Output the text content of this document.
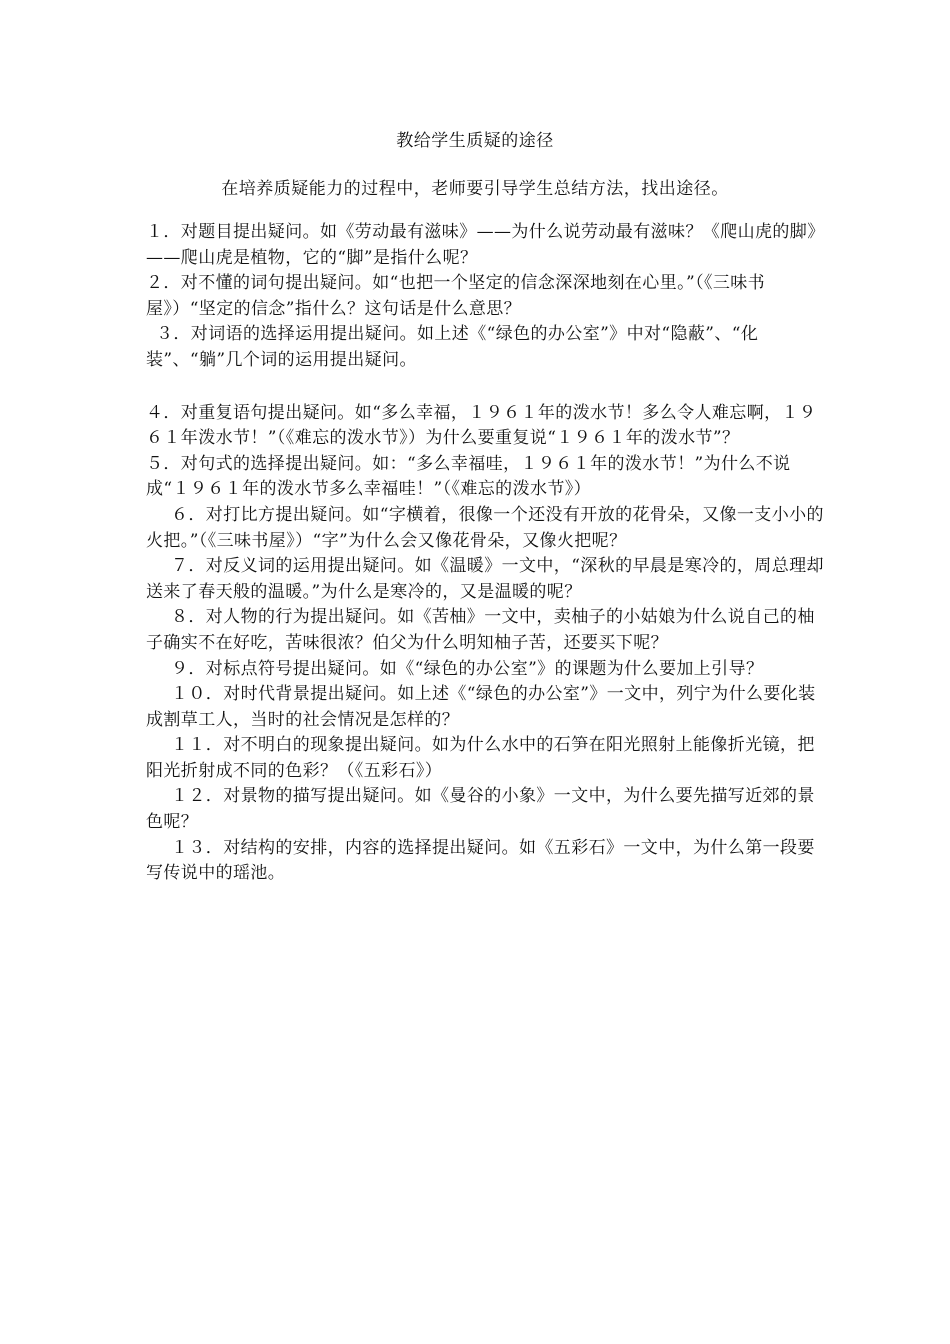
教给学生质疑的途径
在培养质疑能力的过程中，老师要引导学生总结方法，找出途径。

１．对题目提出疑问。如《劳动最有滋味》——为什么说劳动最有滋味？《爬山虎的脚》——爬山虎是植物，它的“脚”是指什么呢？

２．对不懂的词句提出疑问。如“也把一个坚定的信念深深地刻在心里。”（《三味书屋》）“坚定的信念”指什么？这句话是什么意思？

３．对词语的选择运用提出疑问。如上述《“绿色的办公室”》中对“隐蔽”、“化装”、“躺”几个词的运用提出疑问。

４．对重复语句提出疑问。如“多么幸福，１９６１年的泼水节！多么令人难忘啊，１９６１年泼水节！”（《难忘的泼水节》）为什么要重复说“１９６１年的泼水节”？

５．对句式的选择提出疑问。如：“多么幸福哇，１９６１年的泼水节！”为什么不说成“１９６１年的泼水节多么幸福哇！”（《难忘的泼水节》）

６．对打比方提出疑问。如“字横着，很像一个还没有开放的花骨朵，又像一支小小的火把。”（《三味书屋》）“字”为什么会又像花骨朵，又像火把呢？

７．对反义词的运用提出疑问。如《温暖》一文中，“深秋的早晨是寒冷的，周总理却送来了春天般的温暖。”为什么是寒冷的，又是温暖的呢？

８．对人物的行为提出疑问。如《苦柚》一文中，卖柚子的小姑娘为什么说自己的柚子确实不在好吃，苦味很浓？伯父为什么明知柚子苦，还要买下呢？

９．对标点符号提出疑问。如《“绿色的办公室”》的课题为什么要加上引导？

１０．对时代背景提出疑问。如上述《“绿色的办公室”》一文中，列宁为什么要化装成割草工人，当时的社会情况是怎样的？

１１．对不明白的现象提出疑问。如为什么水中的石笋在阳光照射上能像折光镜，把阳光折射成不同的色彩？（《五彩石》）

１２．对景物的描写提出疑问。如《曼谷的小象》一文中，为什么要先描写近郊的景色呢？

１３．对结构的安排，内容的选择提出疑问。如《五彩石》一文中，为什么第一段要写传说中的瑶池。
